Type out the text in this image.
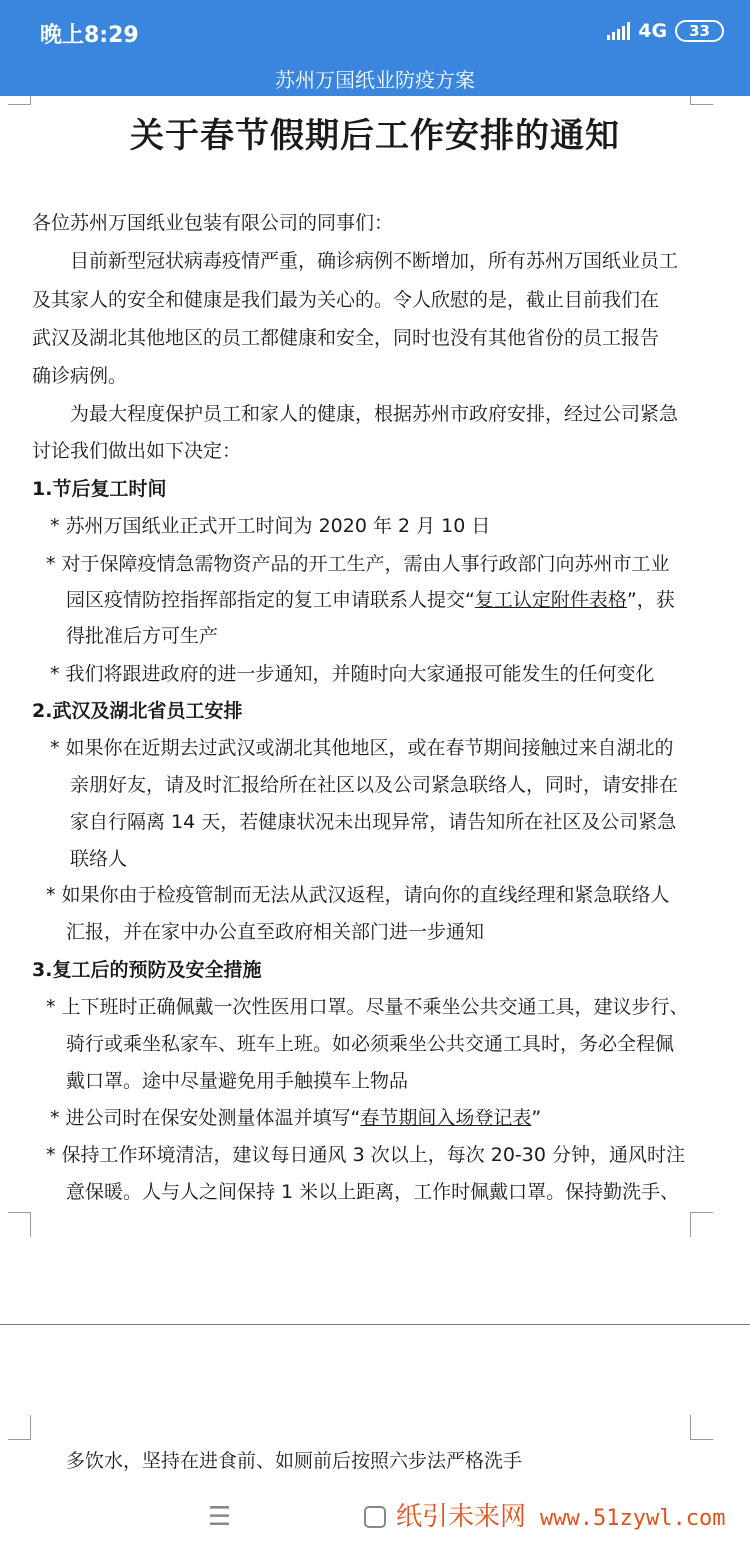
晚上8:29	4G	33
苏州万国纸业防疫方案
关于春节假期后工作安排的通知
各位苏州万国纸业包装有限公司的同事们：
目前新型冠状病毒疫情严重，确诊病例不断增加，所有苏州万国纸业员工
及其家人的安全和健康是我们最为关心的。令人欣慰的是，截止目前我们在
武汉及湖北其他地区的员工都健康和安全，同时也没有其他省份的员工报告
确诊病例。
为最大程度保护员工和家人的健康，根据苏州市政府安排，经过公司紧急
讨论我们做出如下决定：
1.节后复工时间
* 苏州万国纸业正式开工时间为 2020 年 2 月 10 日
* 对于保障疫情急需物资产品的开工生产，需由人事行政部门向苏州市工业
园区疫情防控指挥部指定的复工申请联系人提交“复工认定附件表格”，获
得批准后方可生产
* 我们将跟进政府的进一步通知，并随时向大家通报可能发生的任何变化
2.武汉及湖北省员工安排
* 如果你在近期去过武汉或湖北其他地区，或在春节期间接触过来自湖北的
亲朋好友，请及时汇报给所在社区以及公司紧急联络人，同时，请安排在
家自行隔离 14 天，若健康状况未出现异常，请告知所在社区及公司紧急
联络人
* 如果你由于检疫管制而无法从武汉返程，请向你的直线经理和紧急联络人
汇报，并在家中办公直至政府相关部门进一步通知
3.复工后的预防及安全措施
* 上下班时正确佩戴一次性医用口罩。尽量不乘坐公共交通工具，建议步行、
骑行或乘坐私家车、班车上班。如必须乘坐公共交通工具时，务必全程佩
戴口罩。途中尽量避免用手触摸车上物品
* 进公司时在保安处测量体温并填写“春节期间入场登记表”
* 保持工作环境清洁，建议每日通风 3 次以上，每次 20-30 分钟，通风时注
意保暖。人与人之间保持 1 米以上距离，工作时佩戴口罩。保持勤洗手、
多饮水，坚持在进食前、如厕前后按照六步法严格洗手
☰	纸引未来网 www.51zywl.com
